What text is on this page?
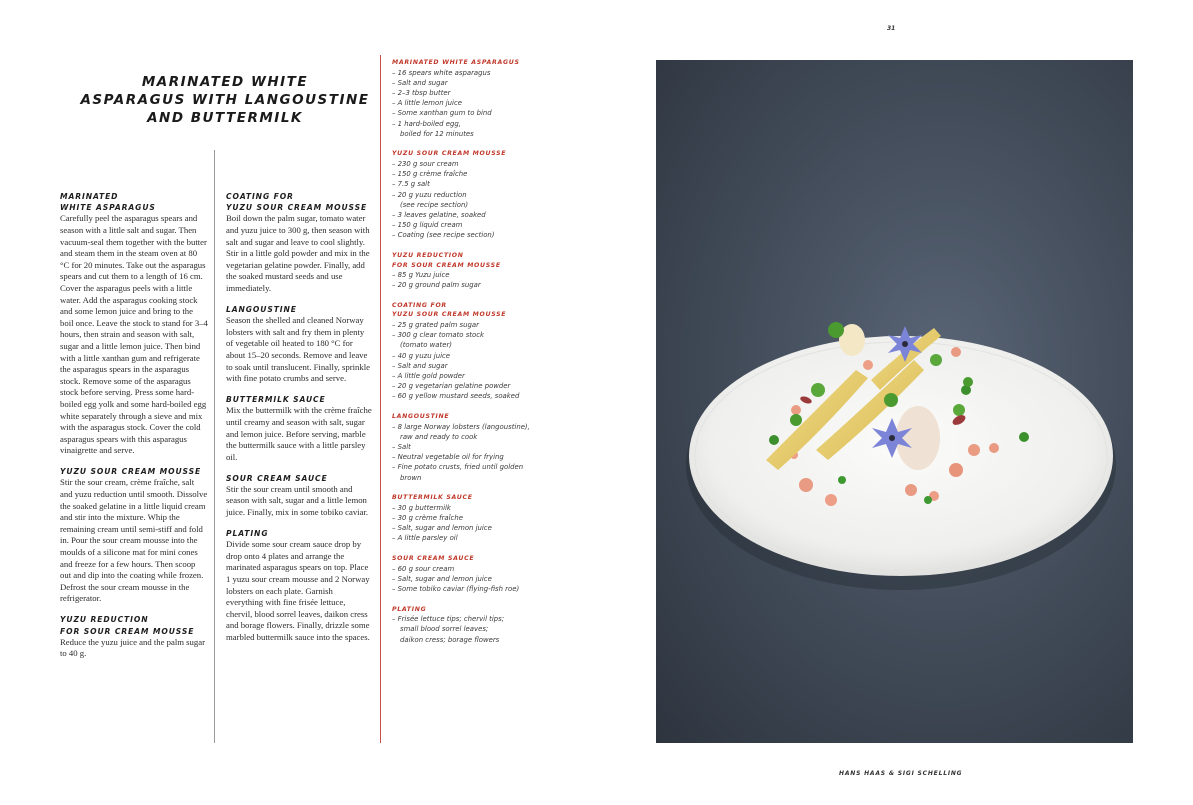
31
MARINATED WHITE
ASPARAGUS WITH LANGOUSTINE
AND BUTTERMILK
MARINATED
WHITE ASPARAGUS
Carefully peel the asparagus spears and season with a little salt and sugar. Then vacuum-seal them together with the butter and steam them in the steam oven at 80 °C for 20 minutes. Take out the asparagus spears and cut them to a length of 16 cm. Cover the asparagus peels with a little water. Add the asparagus cooking stock and some lemon juice and bring to the boil once. Leave the stock to stand for 3–4 hours, then strain and season with salt, sugar and a little lemon juice. Then bind with a little xanthan gum and refrigerate the asparagus spears in the asparagus stock. Remove some of the asparagus stock before serving. Press some hard-boiled egg yolk and some hard-boiled egg white separately through a sieve and mix with the asparagus stock. Cover the cold asparagus spears with this asparagus vinaigrette and serve.
YUZU SOUR CREAM MOUSSE
Stir the sour cream, crème fraîche, salt and yuzu reduction until smooth. Dissolve the soaked gelatine in a little liquid cream and stir into the mixture. Whip the remaining cream until semi-stiff and fold in. Pour the sour cream mousse into the moulds of a silicone mat for mini cones and freeze for a few hours. Then scoop out and dip into the coating while frozen. Defrost the sour cream mousse in the refrigerator.
YUZU REDUCTION
FOR SOUR CREAM MOUSSE
Reduce the yuzu juice and the palm sugar to 40 g.
COATING FOR
YUZU SOUR CREAM MOUSSE
Boil down the palm sugar, tomato water and yuzu juice to 300 g, then season with salt and sugar and leave to cool slightly. Stir in a little gold powder and mix in the vegetarian gelatine powder. Finally, add the soaked mustard seeds and use immediately.
LANGOUSTINE
Season the shelled and cleaned Norway lobsters with salt and fry them in plenty of vegetable oil heated to 180 °C for about 15–20 seconds. Remove and leave to soak until translucent. Finally, sprinkle with fine potato crumbs and serve.
BUTTERMILK SAUCE
Mix the buttermilk with the crème fraîche until creamy and season with salt, sugar and lemon juice. Before serving, marble the buttermilk sauce with a little parsley oil.
SOUR CREAM SAUCE
Stir the sour cream until smooth and season with salt, sugar and a little lemon juice. Finally, mix in some tobiko caviar.
PLATING
Divide some sour cream sauce drop by drop onto 4 plates and arrange the marinated asparagus spears on top. Place 1 yuzu sour cream mousse and 2 Norway lobsters on each plate. Garnish everything with fine frisée lettuce, chervil, blood sorrel leaves, daikon cress and borage flowers. Finally, drizzle some marbled buttermilk sauce into the spaces.
MARINATED WHITE ASPARAGUS
– 16 spears white asparagus
– Salt and sugar
– 2–3 tbsp butter
– A little lemon juice
– Some xanthan gum to bind
– 1 hard-boiled egg,
boiled for 12 minutes
YUZU SOUR CREAM MOUSSE
– 230 g sour cream
– 150 g crème fraîche
– 7.5 g salt
– 20 g yuzu reduction
(see recipe section)
– 3 leaves gelatine, soaked
– 150 g liquid cream
– Coating (see recipe section)
YUZU REDUCTION
FOR SOUR CREAM MOUSSE
– 85 g Yuzu juice
– 20 g ground palm sugar
COATING FOR
YUZU SOUR CREAM MOUSSE
– 25 g grated palm sugar
– 300 g clear tomato stock
(tomato water)
– 40 g yuzu juice
– Salt and sugar
– A little gold powder
– 20 g vegetarian gelatine powder
– 60 g yellow mustard seeds, soaked
LANGOUSTINE
– 8 large Norway lobsters (langoustine),
raw and ready to cook
– Salt
– Neutral vegetable oil for frying
– Fine potato crusts, fried until golden
brown
BUTTERMILK SAUCE
– 30 g buttermilk
– 30 g crème fraîche
– Salt, sugar and lemon juice
– A little parsley oil
SOUR CREAM SAUCE
– 60 g sour cream
– Salt, sugar and lemon juice
– Some tobiko caviar (flying-fish roe)
PLATING
– Frisée lettuce tips; chervil tips;
small blood sorrel leaves;
daikon cress; borage flowers
HANS HAAS & SIGI SCHELLING
